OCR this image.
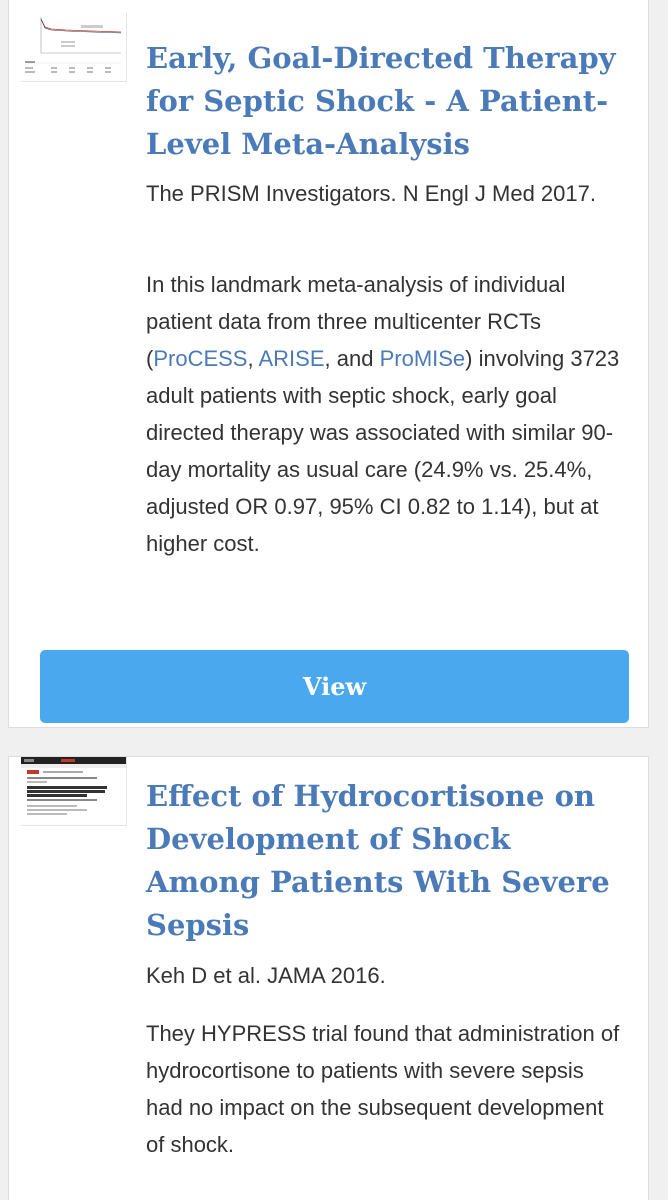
Early, Goal-Directed Therapy for Septic Shock - A Patient-Level Meta-Analysis

The PRISM Investigators. N Engl J Med 2017.

In this landmark meta-analysis of individual patient data from three multicenter RCTs (ProCESS, ARISE, and ProMISe) involving 3723 adult patients with septic shock, early goal directed therapy was associated with similar 90-day mortality as usual care (24.9% vs. 25.4%, adjusted OR 0.97, 95% CI 0.82 to 1.14), but at higher cost.

View
Effect of Hydrocortisone on Development of Shock Among Patients With Severe Sepsis

Keh D et al. JAMA 2016.

They HYPRESS trial found that administration of hydrocortisone to patients with severe sepsis had no impact on the subsequent development of shock.
